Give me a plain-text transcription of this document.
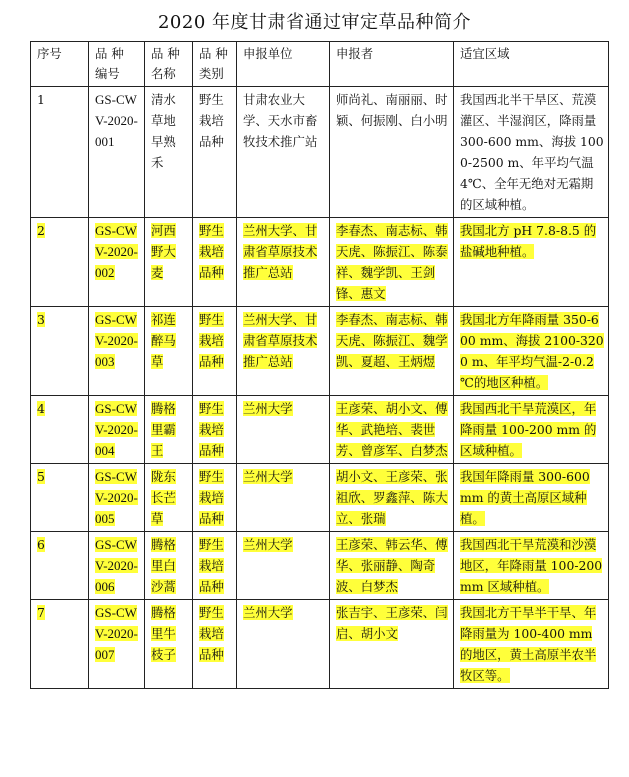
2020 年度甘肃省通过审定草品种简介
序号	品 种 编号	品 种 名称	品 种 类别	申报单位	申报者	适宜区域
1	GS-CWV-2020-001	清水草地早熟禾	野生栽培品种	甘肃农业大学、天水市畜牧技术推广站	师尚礼、南丽丽、时颖、何振刚、白小明	我国西北半干旱区、荒漠灌区、半湿润区，降雨量 300-600 mm、海拔 1000-2500 m、年平均气温 4℃、全年无绝对无霜期的区域种植。
2	GS-CWV-2020-002	河西野大麦	野生栽培品种	兰州大学、甘肃省草原技术推广总站	李春杰、南志标、韩天虎、陈振江、陈泰祥、魏学凯、王剑锋、惠文	我国北方 pH 7.8-8.5 的盐碱地种植。
3	GS-CWV-2020-003	祁连醉马草	野生栽培品种	兰州大学、甘肃省草原技术推广总站	李春杰、南志标、韩天虎、陈振江、魏学凯、夏超、王炳煜	我国北方年降雨量 350-600 mm、海拔 2100-3200 m、年平均气温-2-0.2 ℃的地区种植。
4	GS-CWV-2020-004	腾格里霸王	野生栽培品种	兰州大学	王彦荣、胡小文、傅华、武艳培、裴世芳、曾彦军、白梦杰	我国西北干旱荒漠区，年降雨量 100-200 mm 的区域种植。
5	GS-CWV-2020-005	陇东长芒草	野生栽培品种	兰州大学	胡小文、王彦荣、张祖欣、罗鑫萍、陈大立、张瑞	我国年降雨量 300-600 mm 的黄土高原区域种植。
6	GS-CWV-2020-006	腾格里白沙蒿	野生栽培品种	兰州大学	王彦荣、韩云华、傅华、张丽静、陶奇波、白梦杰	我国西北干旱荒漠和沙漠地区，年降雨量 100-200 mm 区域种植。
7	GS-CWV-2020-007	腾格里牛枝子	野生栽培品种	兰州大学	张吉宇、王彦荣、闫启、胡小文	我国北方干旱半干旱、年降雨量为 100-400 mm 的地区，黄土高原半农半牧区等。
